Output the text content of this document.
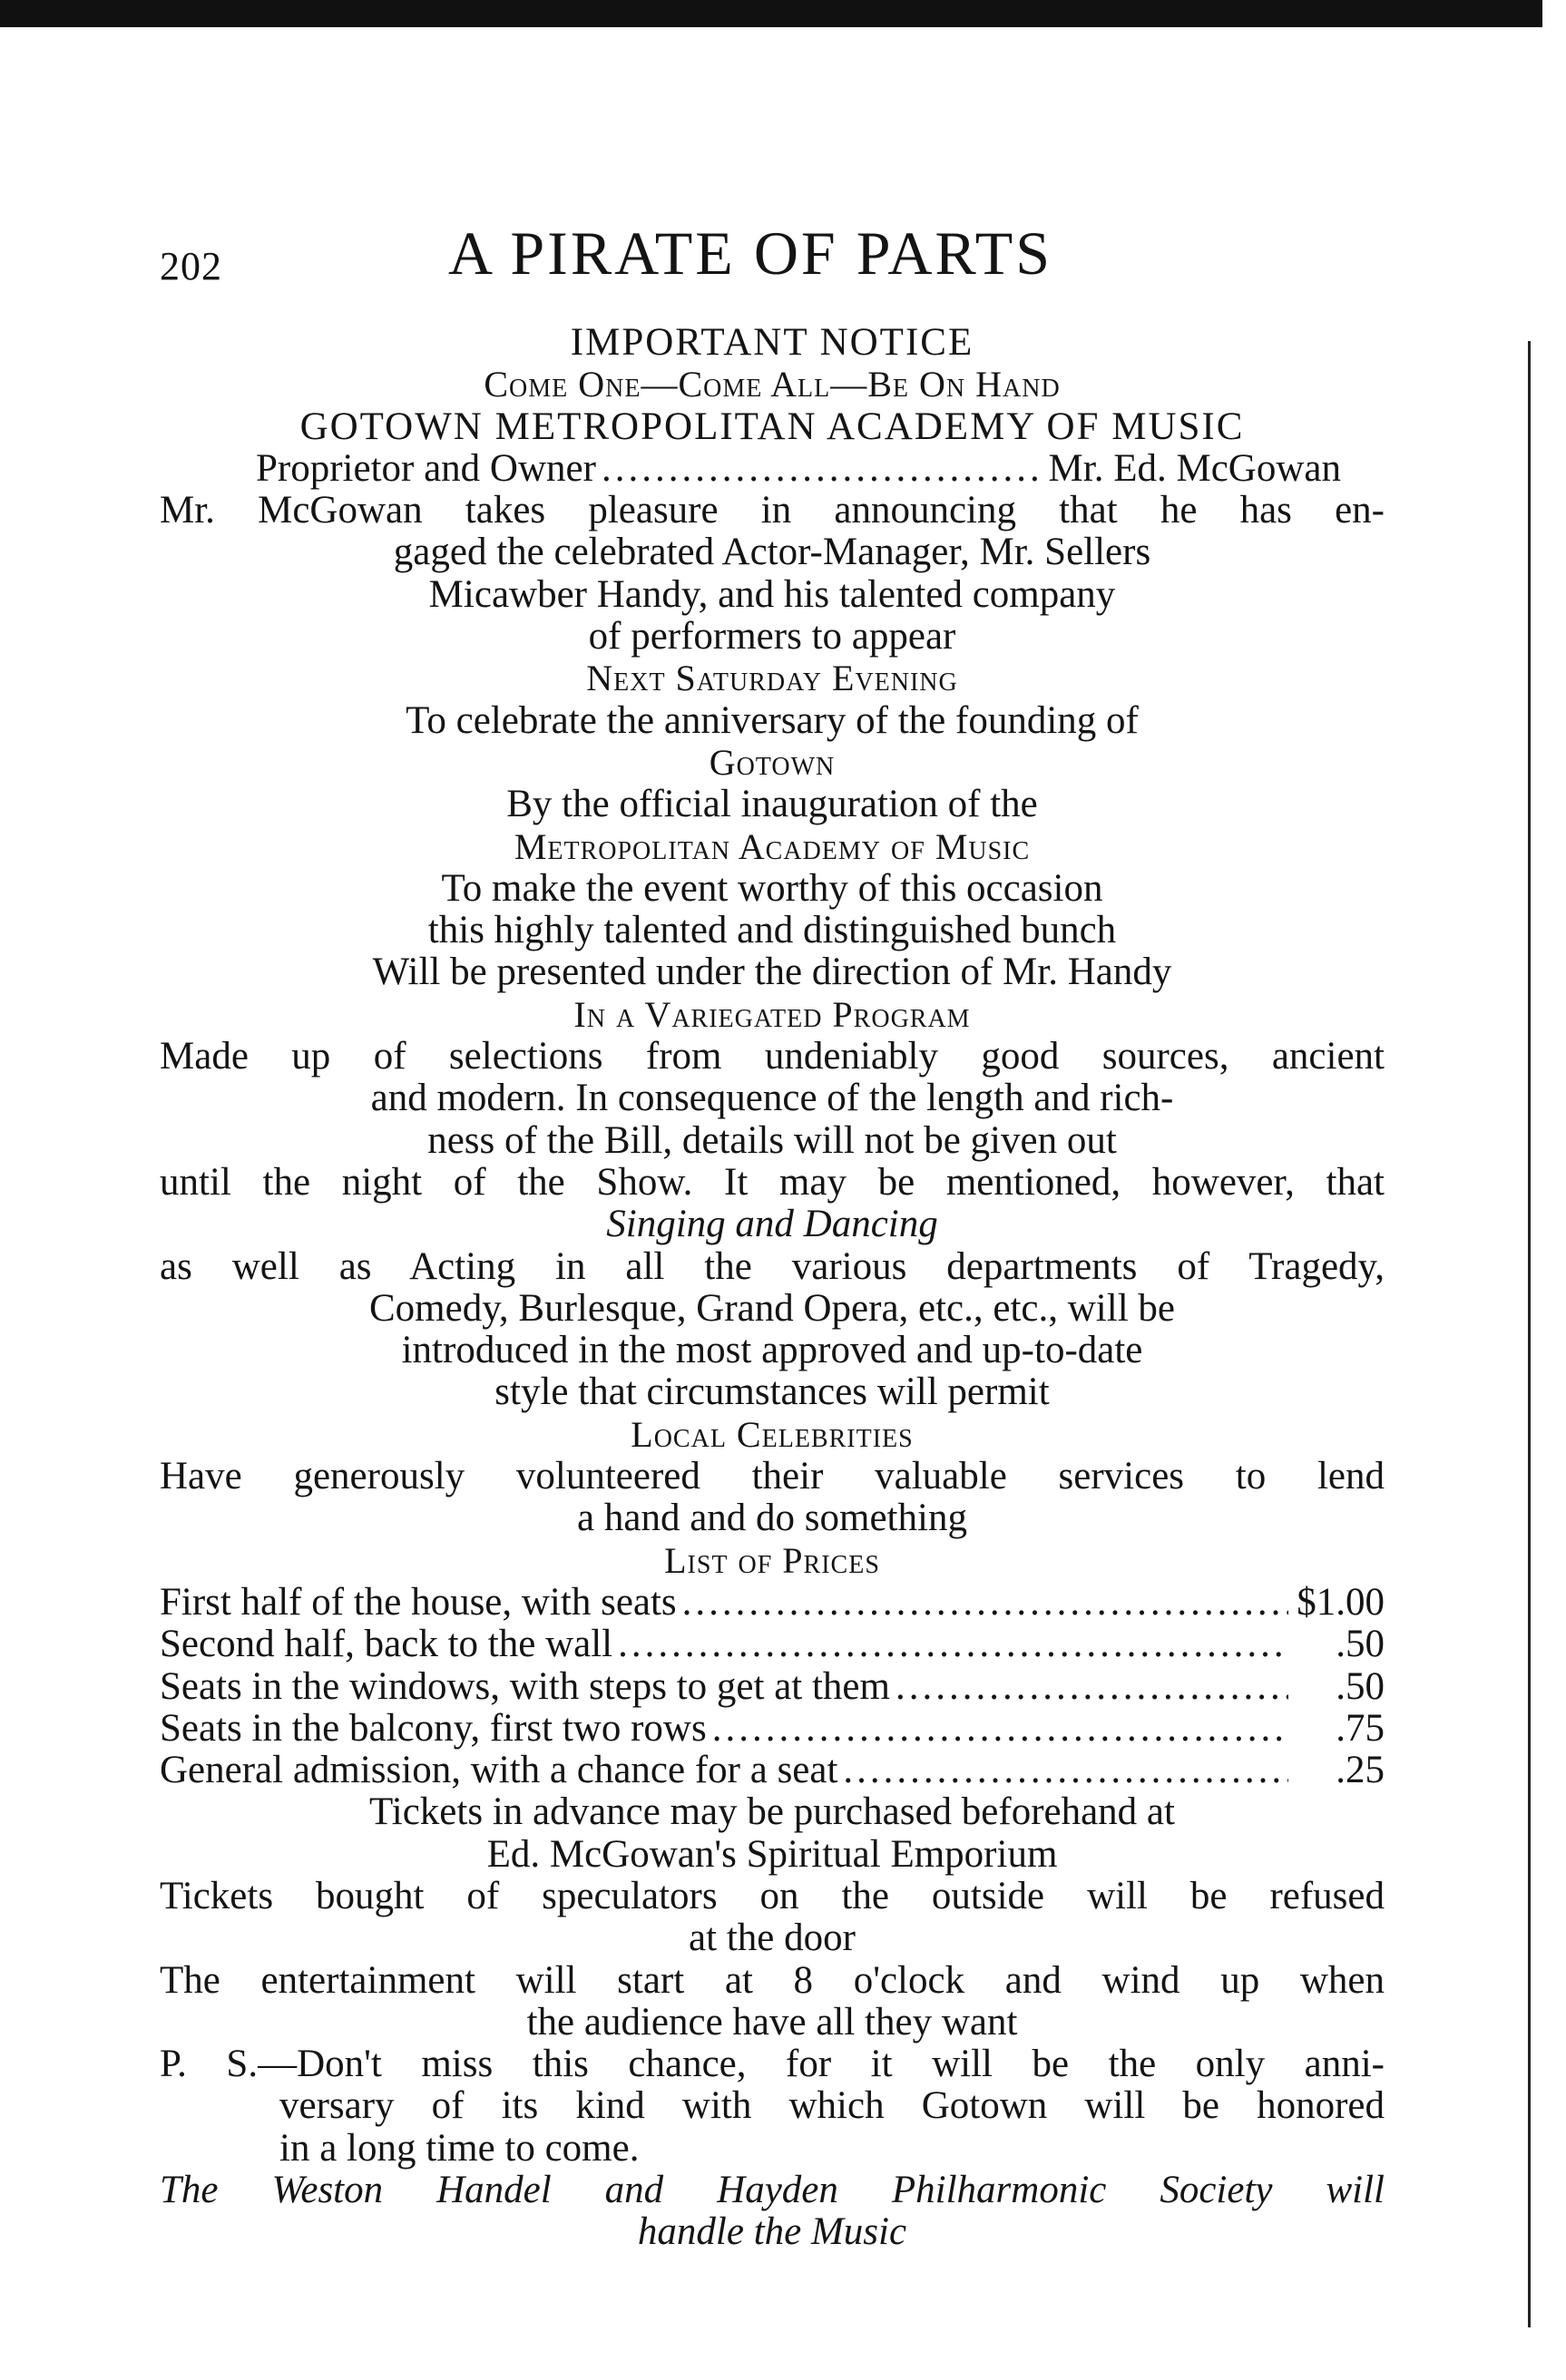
202	A PIRATE OF PARTS
IMPORTANT NOTICE
Come One—Come All—Be On Hand
GOTOWN METROPOLITAN ACADEMY OF MUSIC
Proprietor and Owner .....	Mr. Ed. McGowan
Mr. McGowan takes pleasure in announcing that he has en-
gaged the celebrated Actor-Manager, Mr. Sellers
Micawber Handy, and his talented company
of performers to appear
Next Saturday Evening
To celebrate the anniversary of the founding of
Gotown
By the official inauguration of the
Metropolitan Academy of Music
To make the event worthy of this occasion
this highly talented and distinguished bunch
Will be presented under the direction of Mr. Handy
In a Variegated Program
Made up of selections from undeniably good sources, ancient
and modern. In consequence of the length and rich-
ness of the Bill, details will not be given out
until the night of the Show. It may be mentioned, however, that
Singing and Dancing
as well as Acting in all the various departments of Tragedy,
Comedy, Burlesque, Grand Opera, etc., etc., will be
introduced in the most approved and up-to-date
style that circumstances will permit
Local Celebrities
Have generously volunteered their valuable services to lend
a hand and do something
List of Prices
First half of the house, with seats .....	$1.00
Second half, back to the wall .....	.50
Seats in the windows, with steps to get at them .....	.50
Seats in the balcony, first two rows .....	.75
General admission, with a chance for a seat .....	.25
Tickets in advance may be purchased beforehand at
Ed. McGowan's Spiritual Emporium
Tickets bought of speculators on the outside will be refused
at the door
The entertainment will start at 8 o'clock and wind up when
the audience have all they want
P. S.—Don't miss this chance, for it will be the only anni-
versary of its kind with which Gotown will be honored
in a long time to come.
The Weston Handel and Hayden Philharmonic Society will
handle the Music
